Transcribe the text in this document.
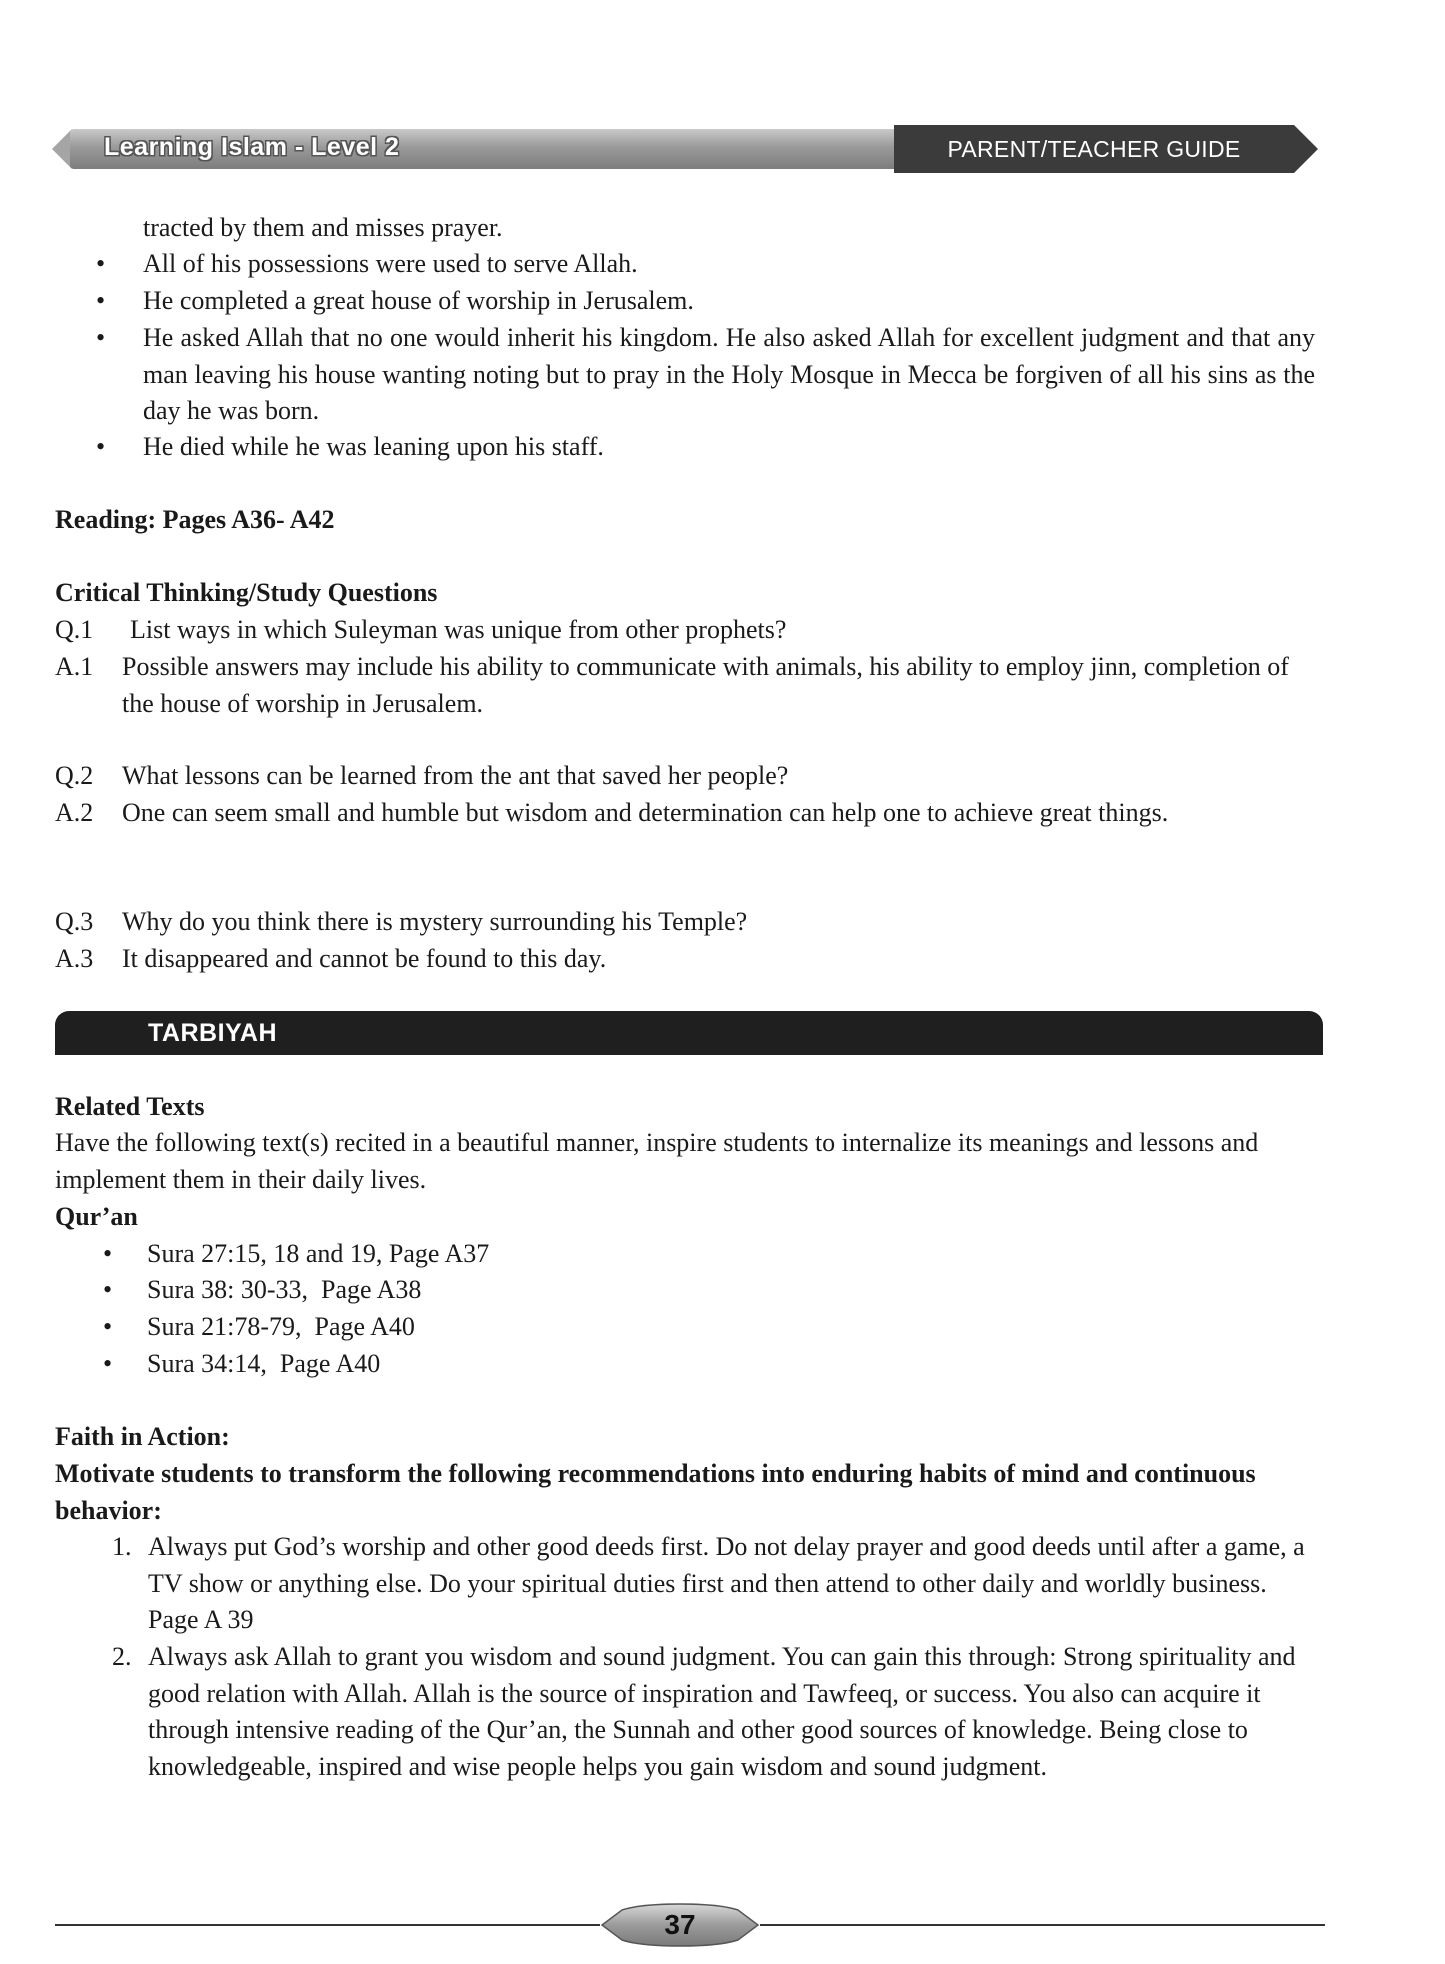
Learning Islam - Level 2	PARENT/TEACHER GUIDE
tracted by them and misses prayer.
• All of his possessions were used to serve Allah.
• He completed a great house of worship in Jerusalem.
• He asked Allah that no one would inherit his kingdom. He also asked Allah for excellent judgment and that any man leaving his house wanting noting but to pray in the Holy Mosque in Mecca be forgiven of all his sins as the day he was born.
• He died while he was leaning upon his staff.
Reading: Pages A36- A42
Critical Thinking/Study Questions
Q.1 List ways in which Suleyman was unique from other prophets?
A.1 Possible answers may include his ability to communicate with animals, his ability to employ jinn, completion of the house of worship in Jerusalem.
Q.2 What lessons can be learned from the ant that saved her people?
A.2 One can seem small and humble but wisdom and determination can help one to achieve great things.
Q.3 Why do you think there is mystery surrounding his Temple?
A.3 It disappeared and cannot be found to this day.
TARBIYAH
Related Texts
Have the following text(s) recited in a beautiful manner, inspire students to internalize its meanings and lessons and implement them in their daily lives.
Qur’an
• Sura 27:15, 18 and 19, Page A37
• Sura 38: 30-33,  Page A38
• Sura 21:78-79,  Page A40
• Sura 34:14,  Page A40
Faith in Action:
Motivate students to transform the following recommendations into enduring habits of mind and continuous behavior:
1. Always put God’s worship and other good deeds first. Do not delay prayer and good deeds until after a game, a TV show or anything else. Do your spiritual duties first and then attend to other daily and worldly business.  Page A 39
2. Always ask Allah to grant you wisdom and sound judgment. You can gain this through: Strong spirituality and good relation with Allah. Allah is the source of inspiration and Tawfeeq, or success. You also can acquire it through intensive reading of the Qur’an, the Sunnah and other good sources of knowledge. Being close to knowledgeable, inspired and wise people helps you gain wisdom and sound judgment.
37
